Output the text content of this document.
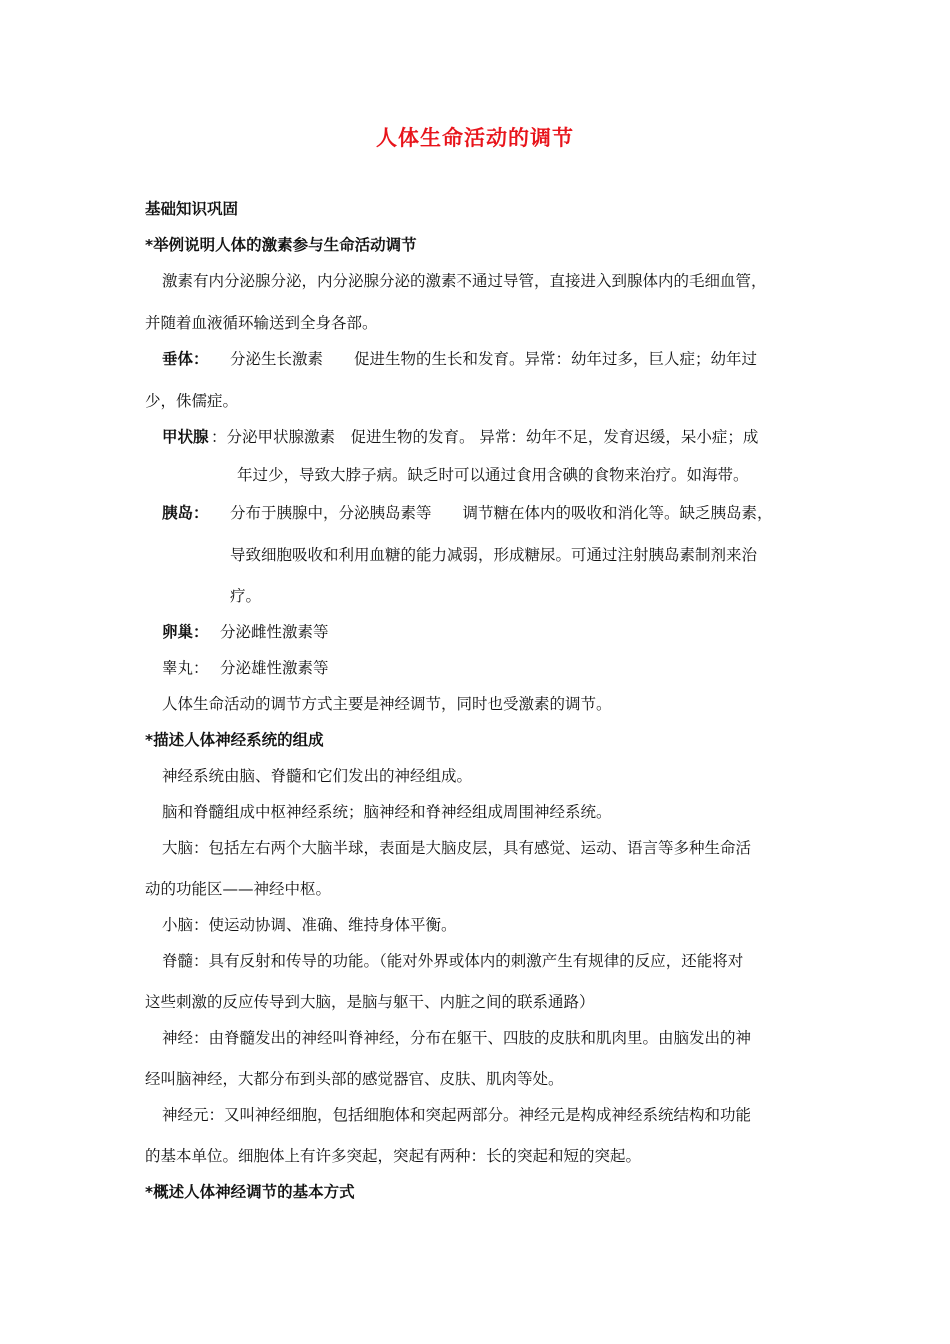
人体生命活动的调节
基础知识巩固
*举例说明人体的激素参与生命活动调节
激素有内分泌腺分泌，内分泌腺分泌的激素不通过导管，直接进入到腺体内的毛细血管，
并随着血液循环输送到全身各部。
垂体： 分泌生长激素　　促进生物的生长和发育。异常：幼年过多，巨人症；幼年过
少，侏儒症。
甲状腺 ：分泌甲状腺激素　促进生物的发育。 异常：幼年不足，发育迟缓，呆小症；成
年过少，导致大脖子病。缺乏时可以通过食用含碘的食物来治疗。如海带。
胰岛： 分布于胰腺中，分泌胰岛素等　　调节糖在体内的吸收和消化等。缺乏胰岛素，
导致细胞吸收和利用血糖的能力减弱，形成糖尿。可通过注射胰岛素制剂来治
疗。
卵巢： 分泌雌性激素等
睾丸： 分泌雄性激素等
人体生命活动的调节方式主要是神经调节，同时也受激素的调节。
*描述人体神经系统的组成
神经系统由脑、脊髓和它们发出的神经组成。
脑和脊髓组成中枢神经系统；脑神经和脊神经组成周围神经系统。
大脑：包括左右两个大脑半球，表面是大脑皮层，具有感觉、运动、语言等多种生命活
动的功能区——神经中枢。
小脑：使运动协调、准确、维持身体平衡。
脊髓：具有反射和传导的功能。（能对外界或体内的刺激产生有规律的反应，还能将对
这些刺激的反应传导到大脑，是脑与躯干、内脏之间的联系通路）
神经：由脊髓发出的神经叫脊神经，分布在躯干、四肢的皮肤和肌肉里。由脑发出的神
经叫脑神经，大都分布到头部的感觉器官、皮肤、肌肉等处。
神经元：又叫神经细胞，包括细胞体和突起两部分。神经元是构成神经系统结构和功能
的基本单位。细胞体上有许多突起，突起有两种：长的突起和短的突起。
*概述人体神经调节的基本方式
